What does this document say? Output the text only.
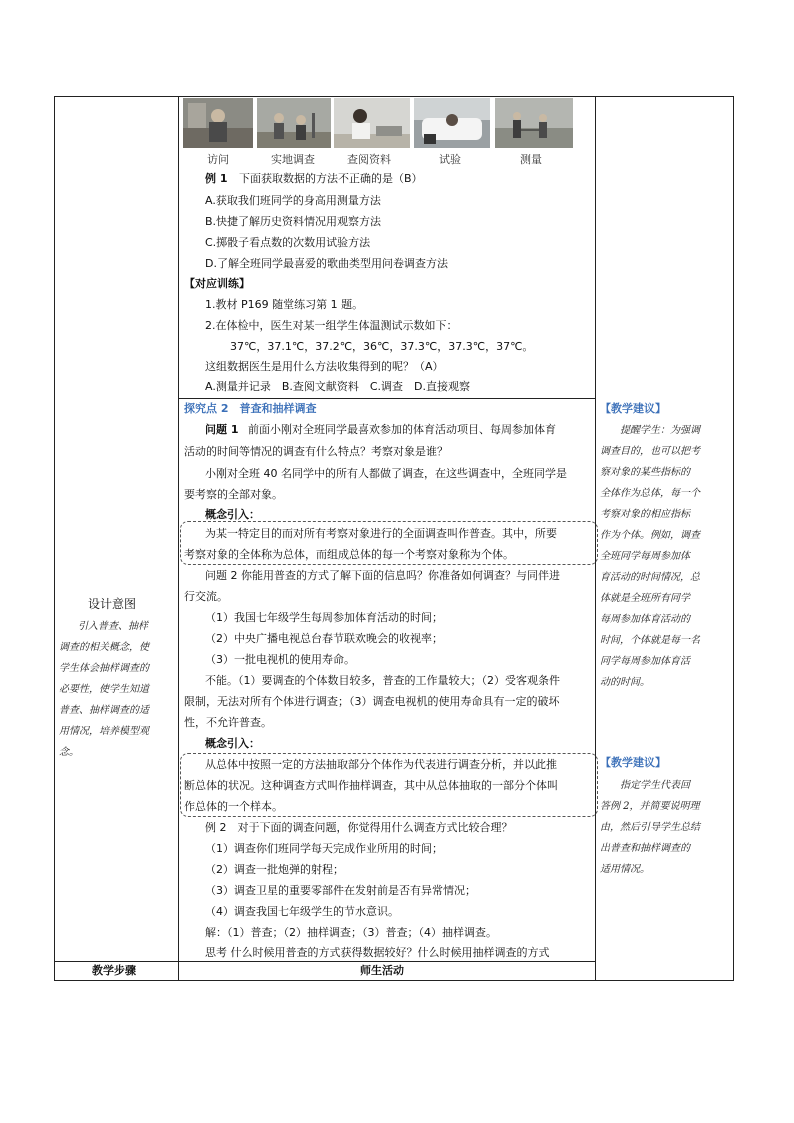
访问	实地调查	查阅资料	试验	测量
例 1 下面获取数据的方法不正确的是（B）
A.获取我们班同学的身高用测量方法
B.快捷了解历史资料情况用观察方法
C.掷骰子看点数的次数用试验方法
D.了解全班同学最喜爱的歌曲类型用问卷调查方法
【对应训练】
1.教材 P169 随堂练习第 1 题。
2.在体检中，医生对某一组学生体温测试示数如下：
37℃，37.1℃，37.2℃，36℃，37.3℃，37.3℃，37℃。
这组数据医生是用什么方法收集得到的呢？（A）
A.测量并记录　B.查阅文献资料　C.调查　D.直接观察
探究点 2　普查和抽样调查
问题 1 前面小刚对全班同学最喜欢参加的体育活动项目、每周参加体育
活动的时间等情况的调查有什么特点？考察对象是谁？
小刚对全班 40 名同学中的所有人都做了调查，在这些调查中，全班同学是
要考察的全部对象。
概念引入：
为某一特定目的而对所有考察对象进行的全面调查叫作普查。其中，所要
考察对象的全体称为总体，而组成总体的每一个考察对象称为个体。
问题 2 你能用普查的方式了解下面的信息吗？你准备如何调查？与同伴进
行交流。
（1）我国七年级学生每周参加体育活动的时间；
（2）中央广播电视总台春节联欢晚会的收视率；
（3）一批电视机的使用寿命。
不能。（1）要调查的个体数目较多，普查的工作量较大；（2）受客观条件
限制，无法对所有个体进行调查；（3）调查电视机的使用寿命具有一定的破坏
性，不允许普查。
概念引入：
从总体中按照一定的方法抽取部分个体作为代表进行调查分析，并以此推
断总体的状况。这种调查方式叫作抽样调查，其中从总体抽取的一部分个体叫
作总体的一个样本。
例 2　对于下面的调查问题，你觉得用什么调查方式比较合理？
（1）调查你们班同学每天完成作业所用的时间；
（2）调查一批炮弹的射程；
（3）调查卫星的重要零部件在发射前是否有异常情况；
（4）调查我国七年级学生的节水意识。
解：（1）普查；（2）抽样调查；（3）普查；（4）抽样调查。
思考 什么时候用普查的方式获得数据较好？什么时候用抽样调查的方式
设计意图
引入普查、抽样
调查的相关概念，使
学生体会抽样调查的
必要性，使学生知道
普查、抽样调查的适
用情况，培养模型观
念。
【教学建议】
提醒学生：为强调
调查目的，也可以把考
察对象的某些指标的
全体作为总体，每一个
考察对象的相应指标
作为个体。例如，调查
全班同学每周参加体
育活动的时间情况，总
体就是全班所有同学
每周参加体育活动的
时间，个体就是每一名
同学每周参加体育活
动的时间。
【教学建议】
指定学生代表回
答例 2，并简要说明理
由，然后引导学生总结
出普查和抽样调查的
适用情况。
教学步骤	师生活动
